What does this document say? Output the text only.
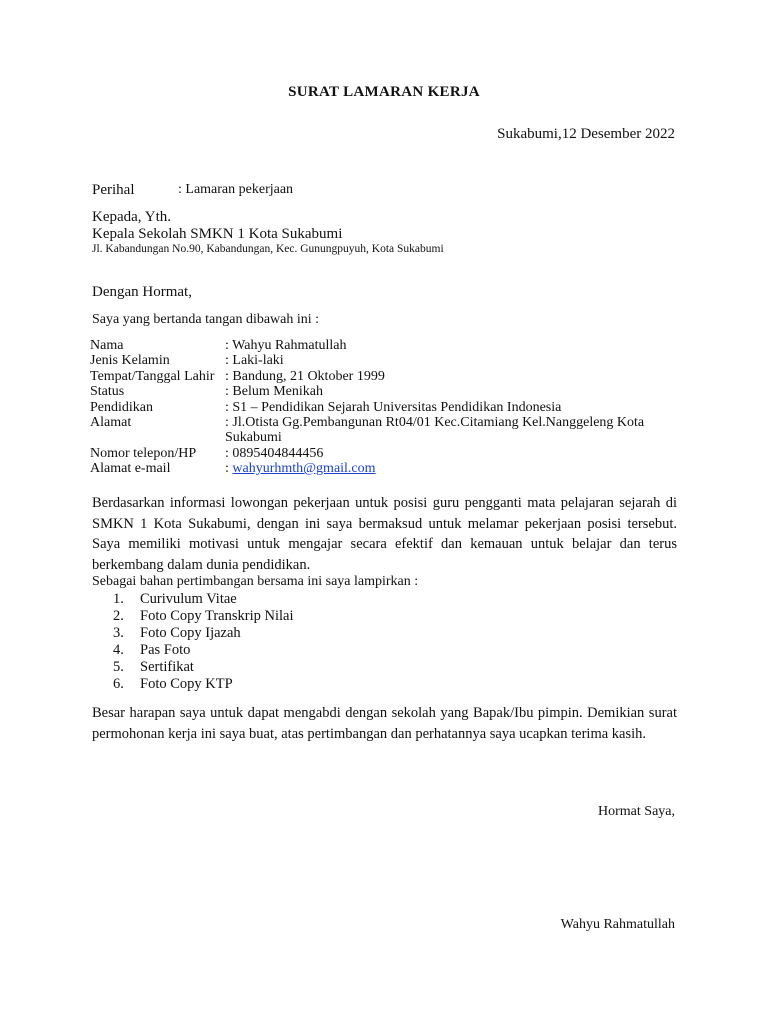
SURAT LAMARAN KERJA
Sukabumi,12 Desember 2022
Perihal	: Lamaran pekerjaan
Kepada, Yth.
Kepala Sekolah SMKN 1 Kota Sukabumi
Jl. Kabandungan No.90, Kabandungan, Kec. Gunungpuyuh, Kota Sukabumi
Dengan Hormat,
Saya yang bertanda tangan dibawah ini :
Nama	: Wahyu Rahmatullah
Jenis Kelamin	: Laki-laki
Tempat/Tanggal Lahir	: Bandung, 21 Oktober 1999
Status	: Belum Menikah
Pendidikan	: S1 – Pendidikan Sejarah Universitas Pendidikan Indonesia
Alamat	: Jl.Otista Gg.Pembangunan Rt04/01 Kec.Citamiang Kel.Nanggeleng Kota
Sukabumi
Nomor telepon/HP	: 0895404844456
Alamat e-mail	: wahyurhmth@gmail.com
Berdasarkan informasi lowongan pekerjaan untuk posisi guru pengganti mata pelajaran sejarah di SMKN 1 Kota Sukabumi, dengan ini saya bermaksud untuk melamar pekerjaan posisi tersebut. Saya memiliki motivasi untuk mengajar secara efektif dan kemauan untuk belajar dan terus berkembang dalam dunia pendidikan.
Sebagai bahan pertimbangan bersama ini saya lampirkan :
1. Curivulum Vitae
2. Foto Copy Transkrip Nilai
3. Foto Copy Ijazah
4. Pas Foto
5. Sertifikat
6. Foto Copy KTP
Besar harapan saya untuk dapat mengabdi dengan sekolah yang Bapak/Ibu pimpin. Demikian surat permohonan kerja ini saya buat, atas pertimbangan dan perhatannya saya ucapkan terima kasih.
Hormat Saya,
Wahyu Rahmatullah
